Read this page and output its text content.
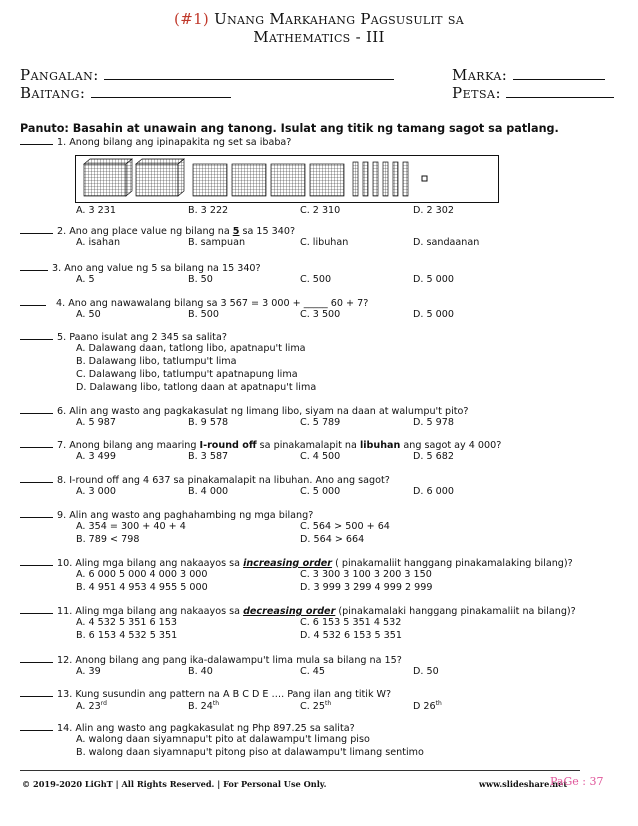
(#1) Unang Markahang Pagsusulit sa
Mathematics - III
Pangalan:	Marka:
Baitang:	Petsa:
Panuto: Basahin at unawain ang tanong. Isulat ang titik ng tamang sagot sa patlang.
1. Anong bilang ang ipinapakita ng set sa ibaba?
A. 3 231	B. 3 222	C. 2 310	D. 2 302
2. Ano ang place value ng bilang na 5 sa 15 340?
A. isahan	B. sampuan	C. libuhan	D. sandaanan
3. Ano ang value ng 5 sa bilang na 15 340?
A. 5	B. 50	C. 500	D. 5 000
4. Ano ang nawawalang bilang sa 3 567 = 3 000 + _____ 60 + 7?
A. 50	B. 500	C. 3 500	D. 5 000
5. Paano isulat ang 2 345 sa salita?
A. Dalawang daan, tatlong libo, apatnapu't lima
B. Dalawang libo, tatlumpu't lima
C. Dalawang libo, tatlumpu't apatnapung lima
D. Dalawang libo, tatlong daan at apatnapu't lima
6. Alin ang wasto ang pagkakasulat ng limang libo, siyam na daan at walumpu't pito?
A. 5 987	B. 9 578	C. 5 789	D. 5 978
7. Anong bilang ang maaring I-round off sa pinakamalapit na libuhan ang sagot ay 4 000?
A. 3 499	B. 3 587	C. 4 500	D. 5 682
8. I-round off ang 4 637 sa pinakamalapit na libuhan. Ano ang sagot?
A. 3 000	B. 4 000	C. 5 000	D. 6 000
9. Alin ang wasto ang paghahambing ng mga bilang?
A. 354 = 300 + 40 + 4	C. 564 > 500 + 64
B. 789 < 798	D. 564 > 664
10. Aling mga bilang ang nakaayos sa increasing order ( pinakamaliit hanggang pinakamalaking bilang)?
A. 6 000 5 000 4 000 3 000	C. 3 300 3 100 3 200 3 150
B. 4 951 4 953 4 955 5 000	D. 3 999 3 299 4 999 2 999
11. Aling mga bilang ang nakaayos sa decreasing order (pinakamalaki hanggang pinakamaliit na bilang)?
A. 4 532 5 351 6 153	C. 6 153 5 351 4 532
B. 6 153 4 532 5 351	D. 4 532 6 153 5 351
12. Anong bilang ang pang ika-dalawampu't lima mula sa bilang na 15?
A. 39	B. 40	C. 45	D. 50
13. Kung susundin ang pattern na A B C D E …. Pang ilan ang titik W?
A. 23rd	B. 24th	C. 25th	D 26th
14. Alin ang wasto ang pagkakasulat ng Php 897.25 sa salita?
A. walong daan siyamnapu't pito at dalawampu't limang piso
B. walong daan siyamnapu't pitong piso at dalawampu't limang sentimo
© 2019-2020 LiGhT | All Rights Reserved. | For Personal Use Only.	www.slideshare.net
PaGe : 37
